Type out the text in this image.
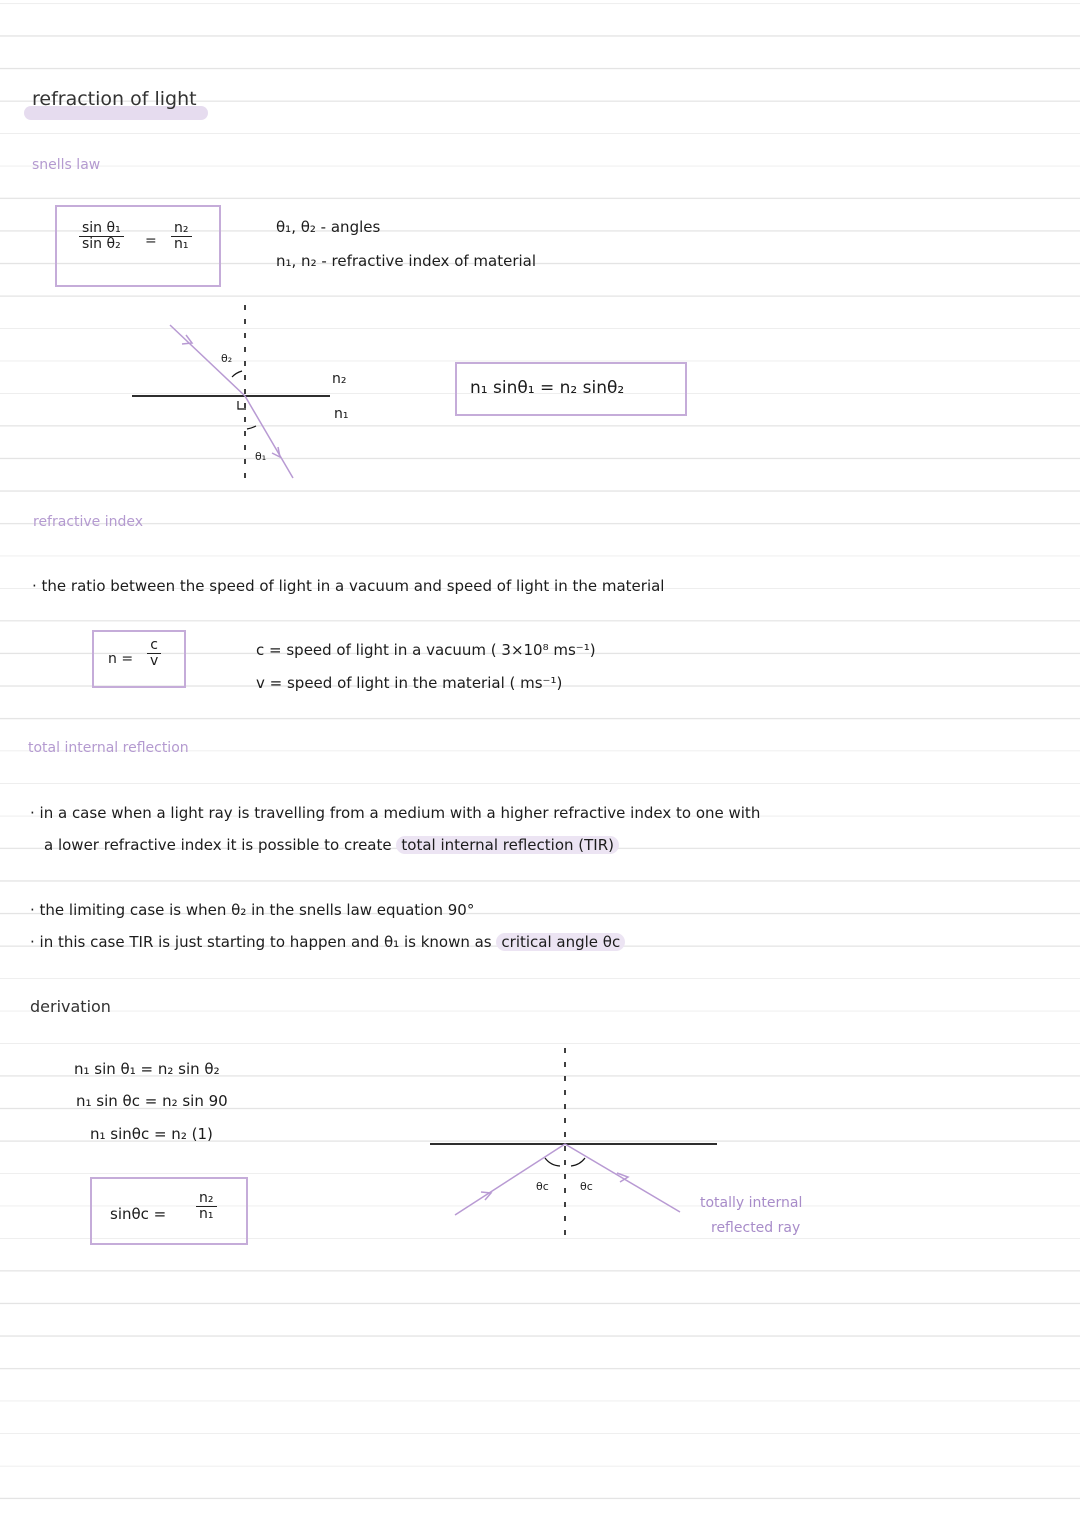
refraction of light
snells law
$\frac{\text{sin θ₁}}{\text{sin θ₂}} = \frac{\text{n₂}}{\text{n₁}}$	θ₁, θ₂ - angles
n₁, n₂ - refractive index of material
θ₂
θ₁
n₂
n₁
n₁ sinθ₁ = n₂ sinθ₂
refractive index
· the ratio between the speed of light in a vacuum and speed of light in the material
$n = \frac{c}{v}$	c = speed of light in a vacuum ( 3×10⁸ ms⁻¹)
v = speed of light in the material ( ms⁻¹)
total internal reflection
· in a case when a light ray is travelling from a medium with a higher refractive index to one with
a lower refractive index it is possible to create total internal reflection (TIR)
· the limiting case is when θ₂ in the snells law equation 90°
· in this case TIR is just starting to happen and θ₁ is known as critical angle θc
derivation
n₁ sin θ₁ = n₂ sin θ₂
n₁ sin θc = n₂ sin 90
n₁ sinθc = n₂ (1)
$\sin\theta c = \frac{\text{n₂}}{\text{n₁}}$
θc	θc
totally internal
reflected ray
